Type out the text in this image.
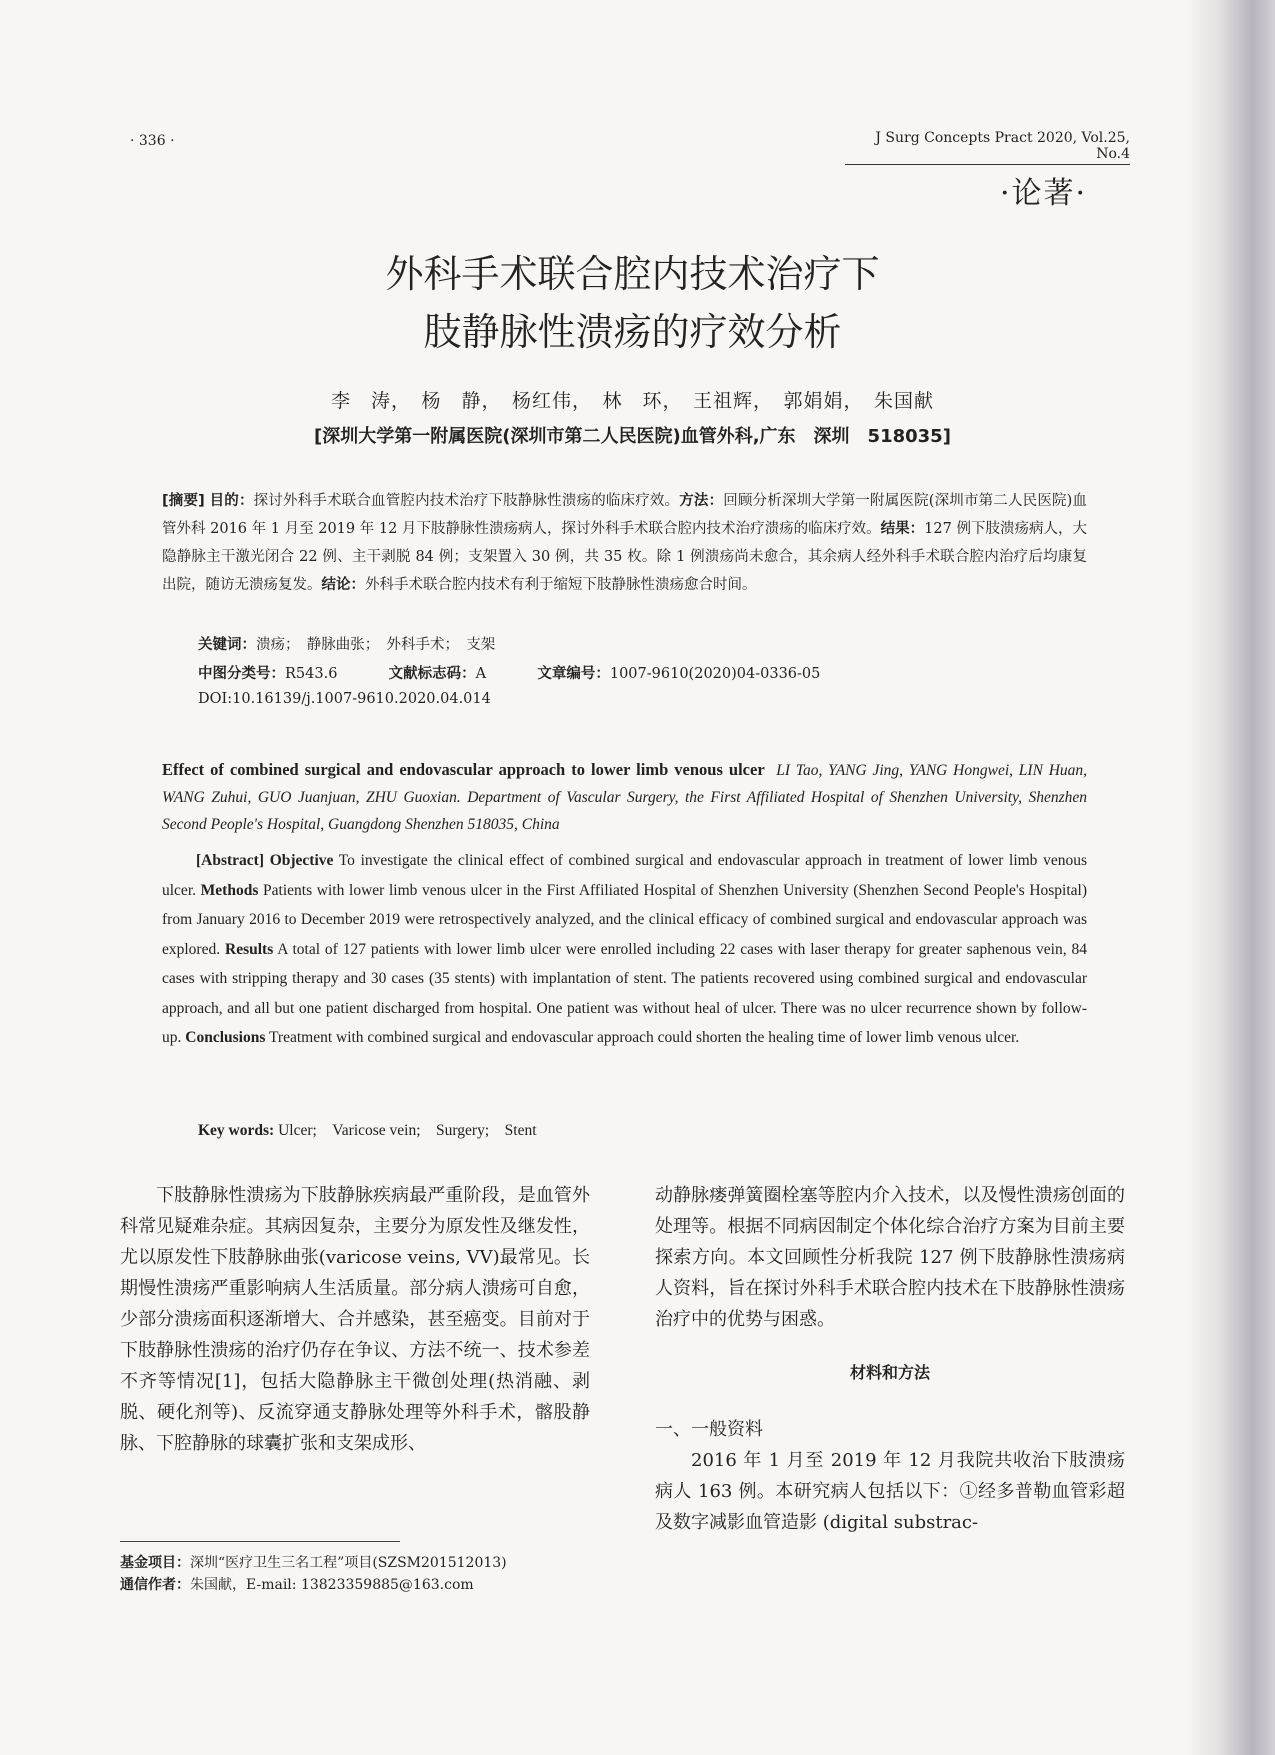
· 336 ·	J Surg Concepts Pract 2020, Vol.25, No.4
·论著·
外科手术联合腔内技术治疗下
肢静脉性溃疡的疗效分析
李　涛，　杨　静，　杨红伟，　林　环，　王祖辉，　郭娟娟，　朱国献
[深圳大学第一附属医院(深圳市第二人民医院)血管外科,广东　深圳　518035]
[摘要] 目的：探讨外科手术联合血管腔内技术治疗下肢静脉性溃疡的临床疗效。方法：回顾分析深圳大学第一附属医院(深圳市第二人民医院)血管外科 2016 年 1 月至 2019 年 12 月下肢静脉性溃疡病人，探讨外科手术联合腔内技术治疗溃疡的临床疗效。结果：127 例下肢溃疡病人，大隐静脉主干激光闭合 22 例、主干剥脱 84 例；支架置入 30 例，共 35 枚。除 1 例溃疡尚未愈合，其余病人经外科手术联合腔内治疗后均康复出院，随访无溃疡复发。结论：外科手术联合腔内技术有利于缩短下肢静脉性溃疡愈合时间。
关键词：溃疡；　静脉曲张；　外科手术；　支架
中图分类号：R543.6	文献标志码：A	文章编号：1007-9610(2020)04-0336-05
DOI:10.16139/j.1007-9610.2020.04.014
Effect of combined surgical and endovascular approach to lower limb venous ulcer LI Tao, YANG Jing, YANG Hongwei, LIN Huan, WANG Zuhui, GUO Juanjuan, ZHU Guoxian. Department of Vascular Surgery, the First Affiliated Hospital of Shenzhen University, Shenzhen Second People's Hospital, Guangdong Shenzhen 518035, China
[Abstract] Objective To investigate the clinical effect of combined surgical and endovascular approach in treatment of lower limb venous ulcer. Methods Patients with lower limb venous ulcer in the First Affiliated Hospital of Shenzhen University (Shenzhen Second People's Hospital) from January 2016 to December 2019 were retrospectively analyzed, and the clinical efficacy of combined surgical and endovascular approach was explored. Results A total of 127 patients with lower limb ulcer were enrolled including 22 cases with laser therapy for greater saphenous vein, 84 cases with stripping therapy and 30 cases (35 stents) with implantation of stent. The patients recovered using combined surgical and endovascular approach, and all but one patient discharged from hospital. One patient was without heal of ulcer. There was no ulcer recurrence shown by follow-up. Conclusions Treatment with combined surgical and endovascular approach could shorten the healing time of lower limb venous ulcer.
Key words: Ulcer;　Varicose vein;　Surgery;　Stent
下肢静脉性溃疡为下肢静脉疾病最严重阶段，是血管外科常见疑难杂症。其病因复杂，主要分为原发性及继发性，尤以原发性下肢静脉曲张(varicose veins, VV)最常见。长期慢性溃疡严重影响病人生活质量。部分病人溃疡可自愈，少部分溃疡面积逐渐增大、合并感染，甚至癌变。目前对于下肢静脉性溃疡的治疗仍存在争议、方法不统一、技术参差不齐等情况[1]，包括大隐静脉主干微创处理(热消融、剥脱、硬化剂等)、反流穿通支静脉处理等外科手术，髂股静脉、下腔静脉的球囊扩张和支架成形、
动静脉瘘弹簧圈栓塞等腔内介入技术，以及慢性溃疡创面的处理等。根据不同病因制定个体化综合治疗方案为目前主要探索方向。本文回顾性分析我院 127 例下肢静脉性溃疡病人资料，旨在探讨外科手术联合腔内技术在下肢静脉性溃疡治疗中的优势与困惑。
材料和方法
一、一般资料
2016 年 1 月至 2019 年 12 月我院共收治下肢溃疡病人 163 例。本研究病人包括以下：①经多普勒血管彩超及数字减影血管造影 (digital substrac-
基金项目：深圳“医疗卫生三名工程”项目(SZSM201512013)
通信作者：朱国献，E-mail: 13823359885@163.com
